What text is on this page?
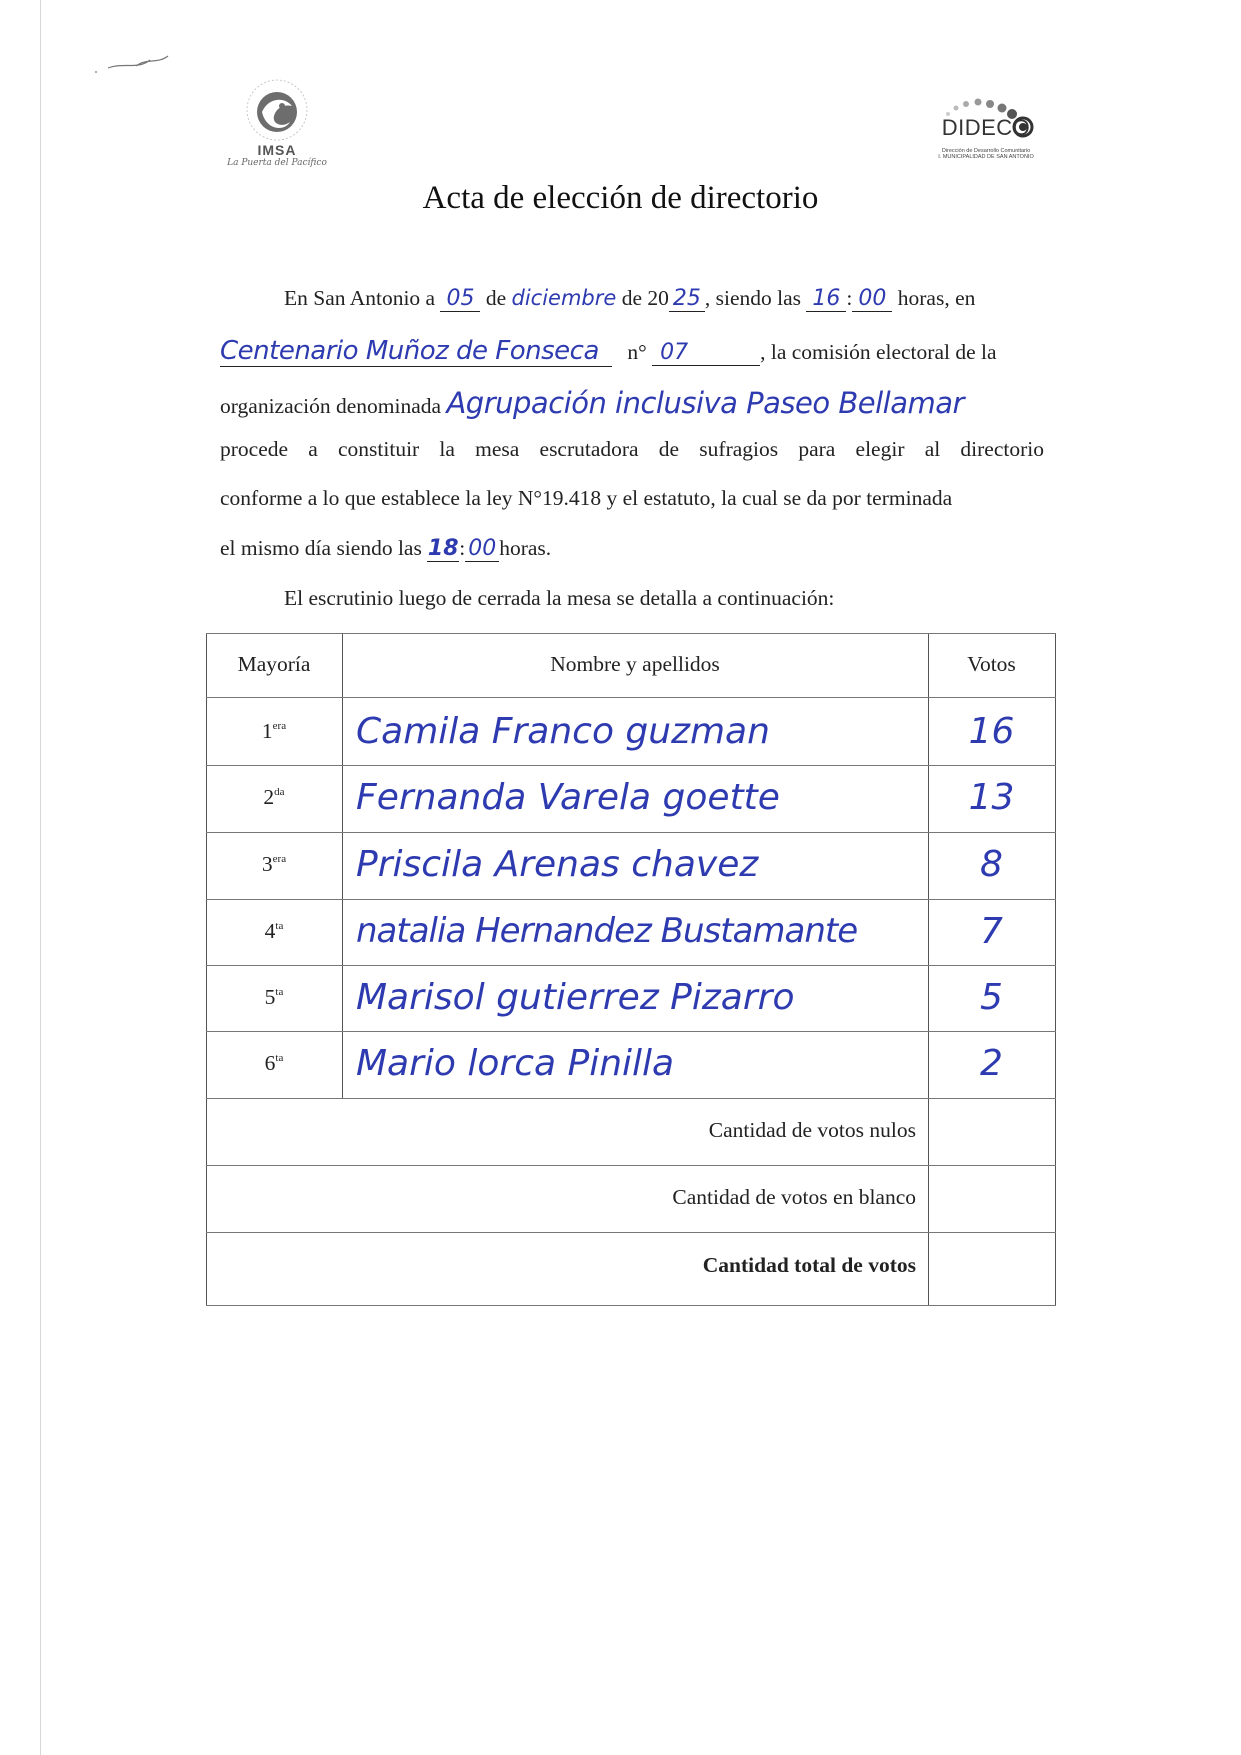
IMSA
La Puerta del Pacífico
DIDECO
Dirección de Desarrollo Comunitario
I. MUNICIPALIDAD DE SAN ANTONIO
Acta de elección de directorio
En San Antonio a 05 de diciembre de 20 25 , siendo las 16 : 00 horas, en
Centenario Muñoz de Fonseca n° 07	, la comisión electoral de la
organización denominada Agrupación inclusiva Paseo Bellamar
procede a constituir la mesa escrutadora de sufragios para elegir al directorio
conforme a lo que establece la ley N°19.418 y el estatuto, la cual se da por terminada
el mismo día siendo las 18: 00 horas.
El escrutinio luego de cerrada la mesa se detalla a continuación:
Mayoría	Nombre y apellidos	Votos
$1^{era}$	Camila Franco guzman	16
$2^{da}$	Fernanda Varela goette	13
$3^{era}$	Priscila Arenas chavez	8
$4^{ta}$	natalia Hernandez Bustamante	7
$5^{ta}$	Marisol gutierrez Pizarro	5
$6^{ta}$	Mario lorca Pinilla	2
Cantidad de votos nulos
Cantidad de votos en blanco
Cantidad total de votos
